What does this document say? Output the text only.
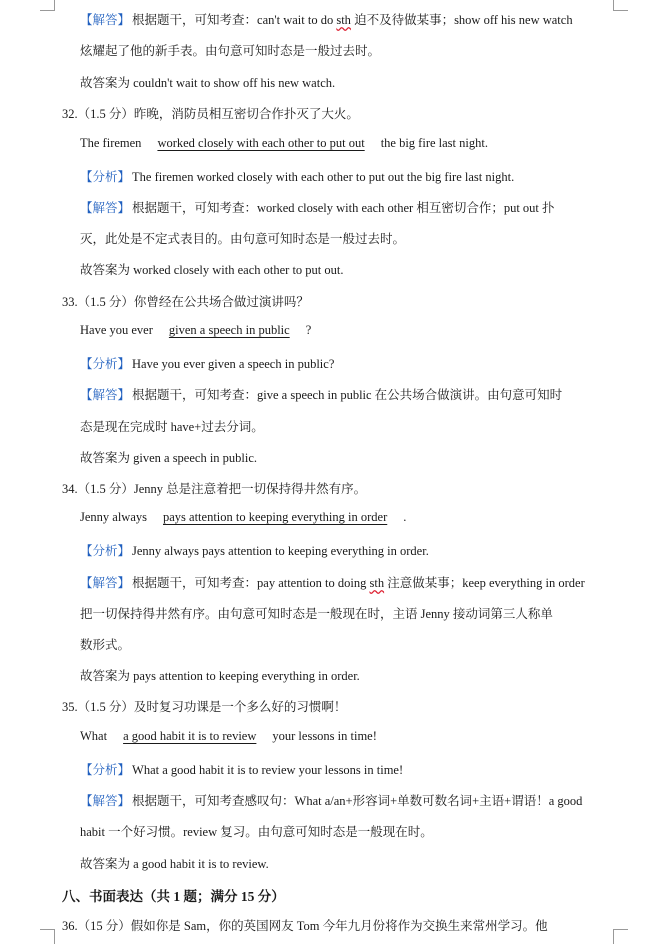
【解答】 根据题干，可知考查：can't wait to do sth 迫不及待做某事；show off his new watch
炫耀起了他的新手表。由句意可知时态是一般过去时。
故答案为 couldn't wait to show off his new watch.
32.（1.5 分）昨晚，消防员相互密切合作扑灭了大火。
The firemen worked closely with each other to put out the big fire last night.
【分析】 The firemen worked closely with each other to put out the big fire last night.
【解答】 根据题干，可知考查：worked closely with each other 相互密切合作；put out 扑
灭，此处是不定式表目的。由句意可知时态是一般过去时。
故答案为 worked closely with each other to put out.
33.（1.5 分）你曾经在公共场合做过演讲吗？
Have you ever given a speech in public ?
【分析】 Have you ever given a speech in public?
【解答】 根据题干，可知考查：give a speech in public 在公共场合做演讲。由句意可知时
态是现在完成时 have+过去分词。
故答案为 given a speech in public.
34.（1.5 分）Jenny 总是注意着把一切保持得井然有序。
Jenny always pays attention to keeping everything in order .
【分析】 Jenny always pays attention to keeping everything in order.
【解答】 根据题干，可知考查：pay attention to doing sth 注意做某事；keep everything in order
把一切保持得井然有序。由句意可知时态是一般现在时，主语 Jenny 接动词第三人称单
数形式。
故答案为 pays attention to keeping everything in order.
35.（1.5 分）及时复习功课是一个多么好的习惯啊！
What a good habit it is to review your lessons in time!
【分析】 What a good habit it is to review your lessons in time!
【解答】 根据题干，可知考查感叹句：What a/an+形容词+单数可数名词+主语+谓语！a good
habit 一个好习惯。review 复习。由句意可知时态是一般现在时。
故答案为 a good habit it is to review.
八、书面表达（共 1 题；满分 15 分）
36.（15 分）假如你是 Sam，你的英国网友 Tom 今年九月份将作为交换生来常州学习。他
